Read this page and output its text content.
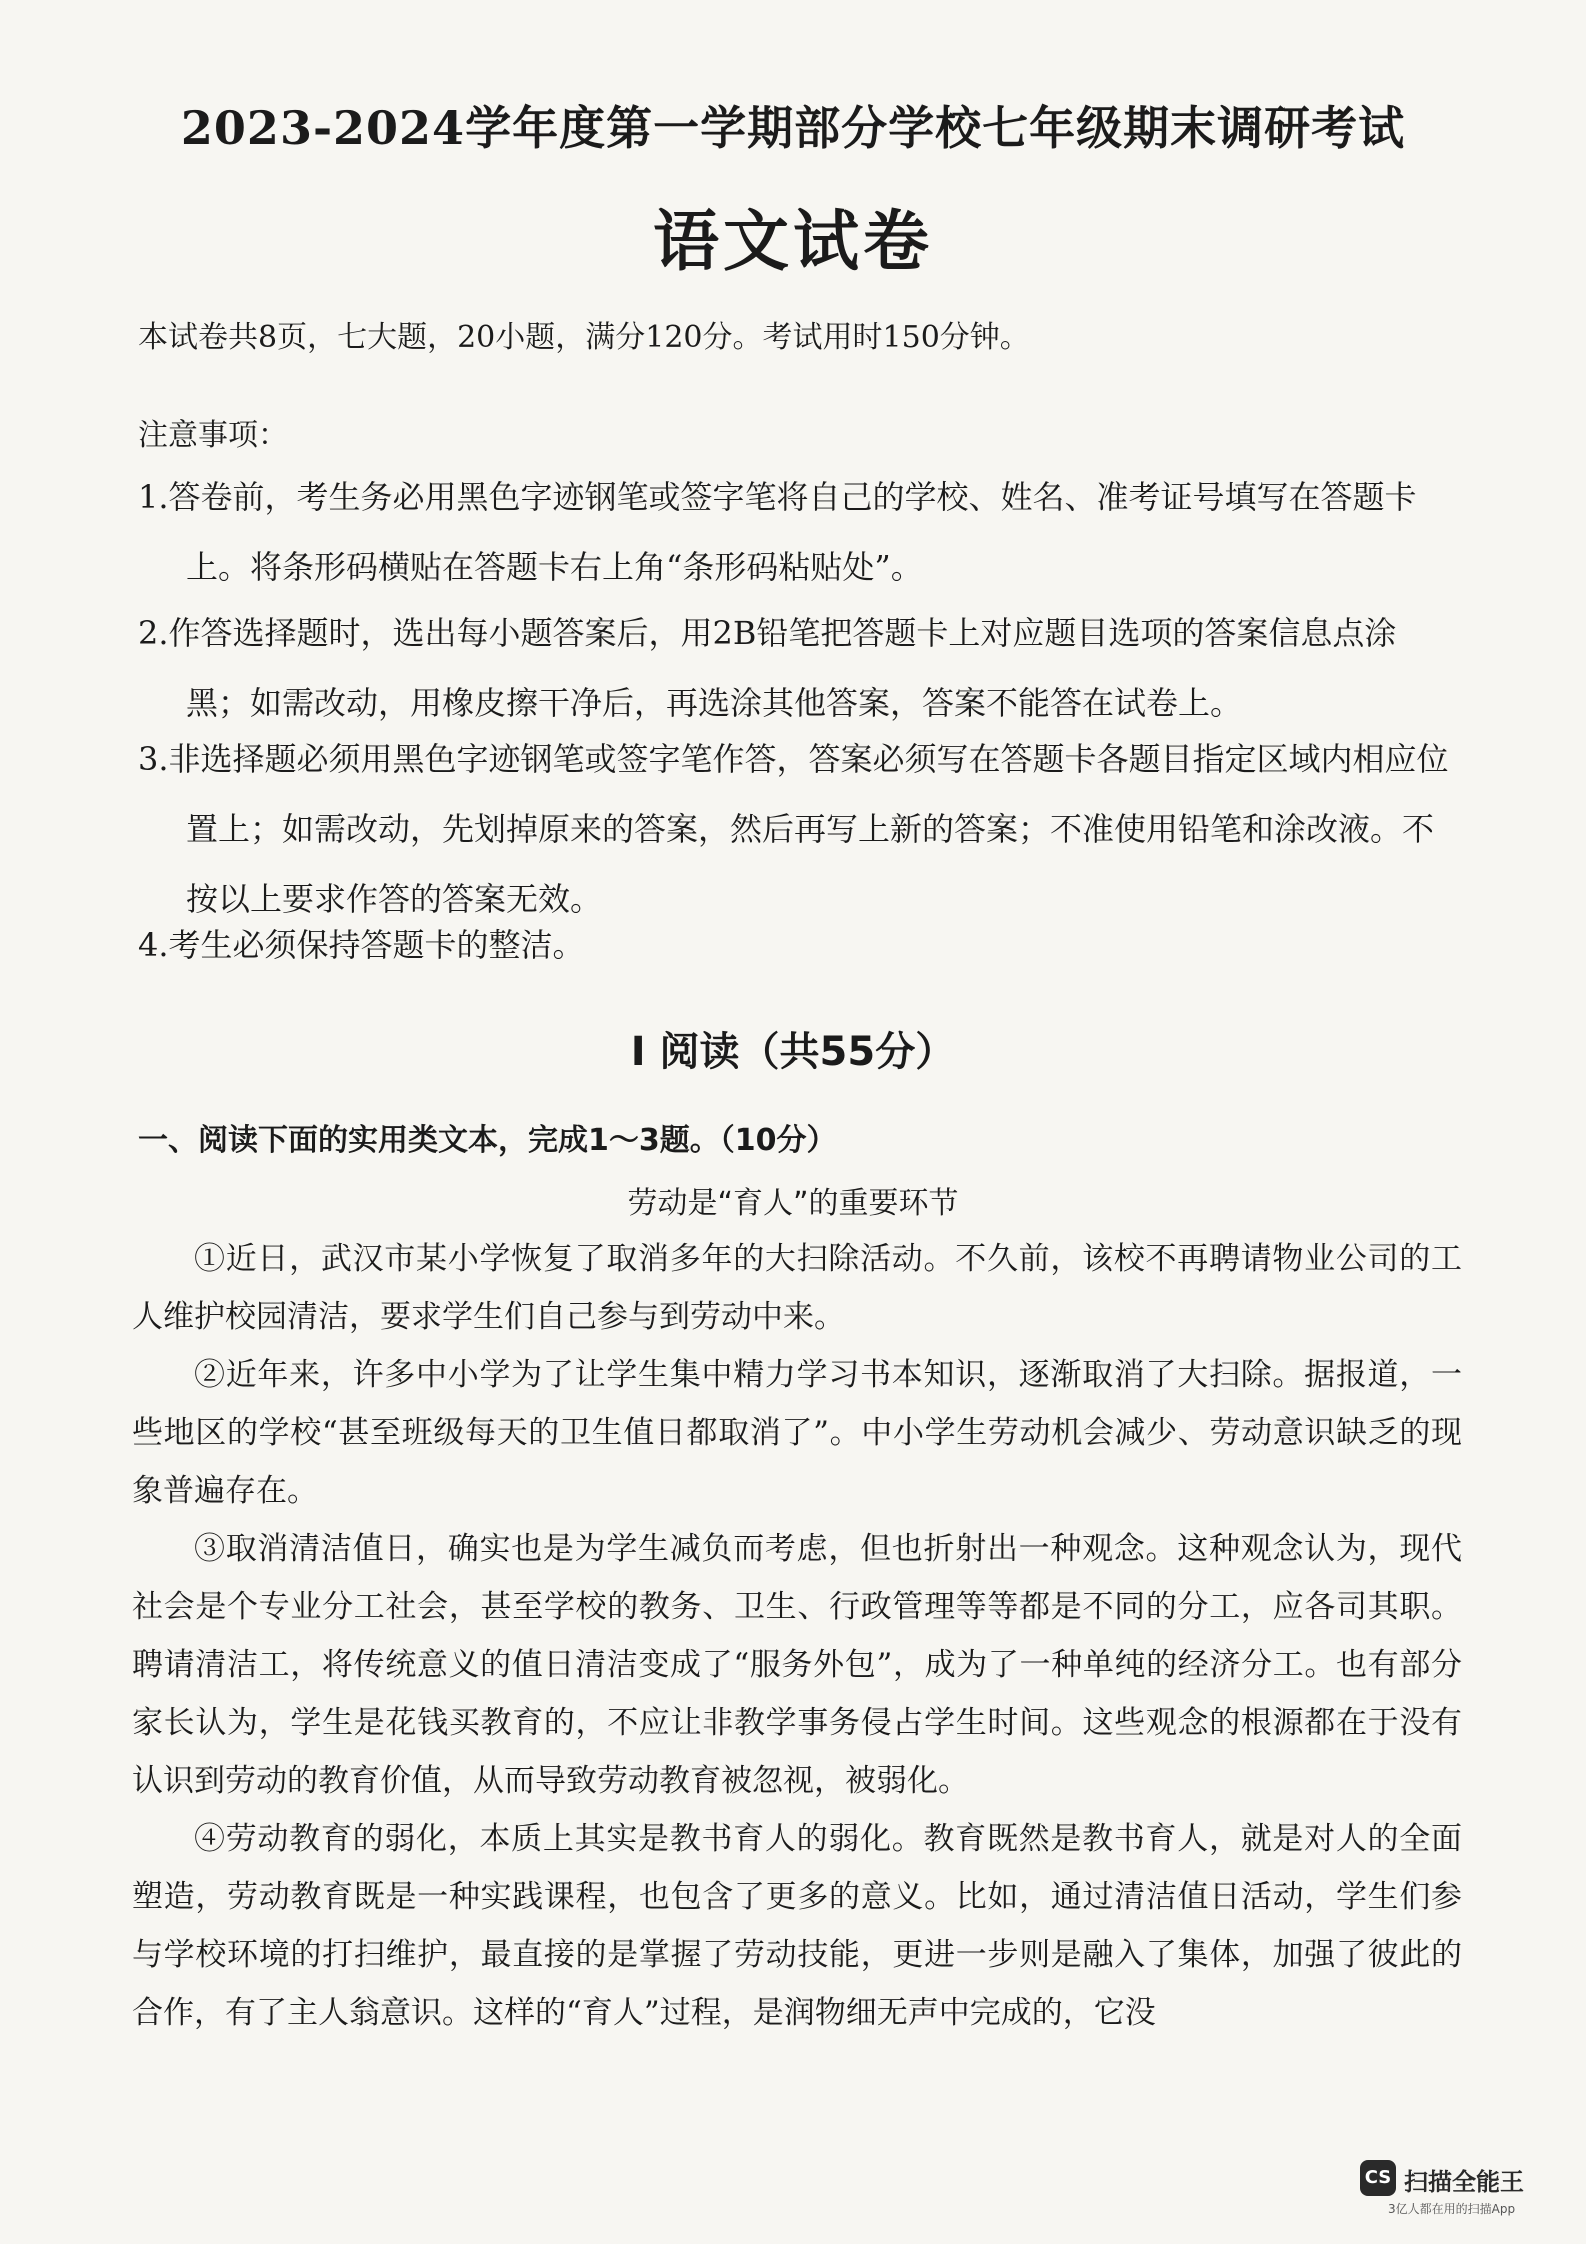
2023-2024学年度第一学期部分学校七年级期末调研考试
语文试卷
本试卷共8页，七大题，20小题，满分120分。考试用时150分钟。
注意事项：
1.答卷前，考生务必用黑色字迹钢笔或签字笔将自己的学校、姓名、准考证号填写在答题卡上。将条形码横贴在答题卡右上角“条形码粘贴处”。
2.作答选择题时，选出每小题答案后，用2B铅笔把答题卡上对应题目选项的答案信息点涂黑；如需改动，用橡皮擦干净后，再选涂其他答案，答案不能答在试卷上。
3.非选择题必须用黑色字迹钢笔或签字笔作答，答案必须写在答题卡各题目指定区域内相应位置上；如需改动，先划掉原来的答案，然后再写上新的答案；不准使用铅笔和涂改液。不按以上要求作答的答案无效。
4.考生必须保持答题卡的整洁。
Ⅰ 阅读（共55分）
一、阅读下面的实用类文本，完成1～3题。（10分）
劳动是“育人”的重要环节

①近日，武汉市某小学恢复了取消多年的大扫除活动。不久前，该校不再聘请物业公司的工人维护校园清洁，要求学生们自己参与到劳动中来。

②近年来，许多中小学为了让学生集中精力学习书本知识，逐渐取消了大扫除。据报道，一些地区的学校“甚至班级每天的卫生值日都取消了”。中小学生劳动机会减少、劳动意识缺乏的现象普遍存在。

③取消清洁值日，确实也是为学生减负而考虑，但也折射出一种观念。这种观念认为，现代社会是个专业分工社会，甚至学校的教务、卫生、行政管理等等都是不同的分工，应各司其职。聘请清洁工，将传统意义的值日清洁变成了“服务外包”，成为了一种单纯的经济分工。也有部分家长认为，学生是花钱买教育的，不应让非教学事务侵占学生时间。这些观念的根源都在于没有认识到劳动的教育价值，从而导致劳动教育被忽视，被弱化。

④劳动教育的弱化，本质上其实是教书育人的弱化。教育既然是教书育人，就是对人的全面塑造，劳动教育既是一种实践课程，也包含了更多的意义。比如，通过清洁值日活动，学生们参与学校环境的打扫维护，最直接的是掌握了劳动技能，更进一步则是融入了集体，加强了彼此的合作，有了主人翁意识。这样的“育人”过程，是润物细无声中完成的，它没

CS 扫描全能王
3亿人都在用的扫描App
